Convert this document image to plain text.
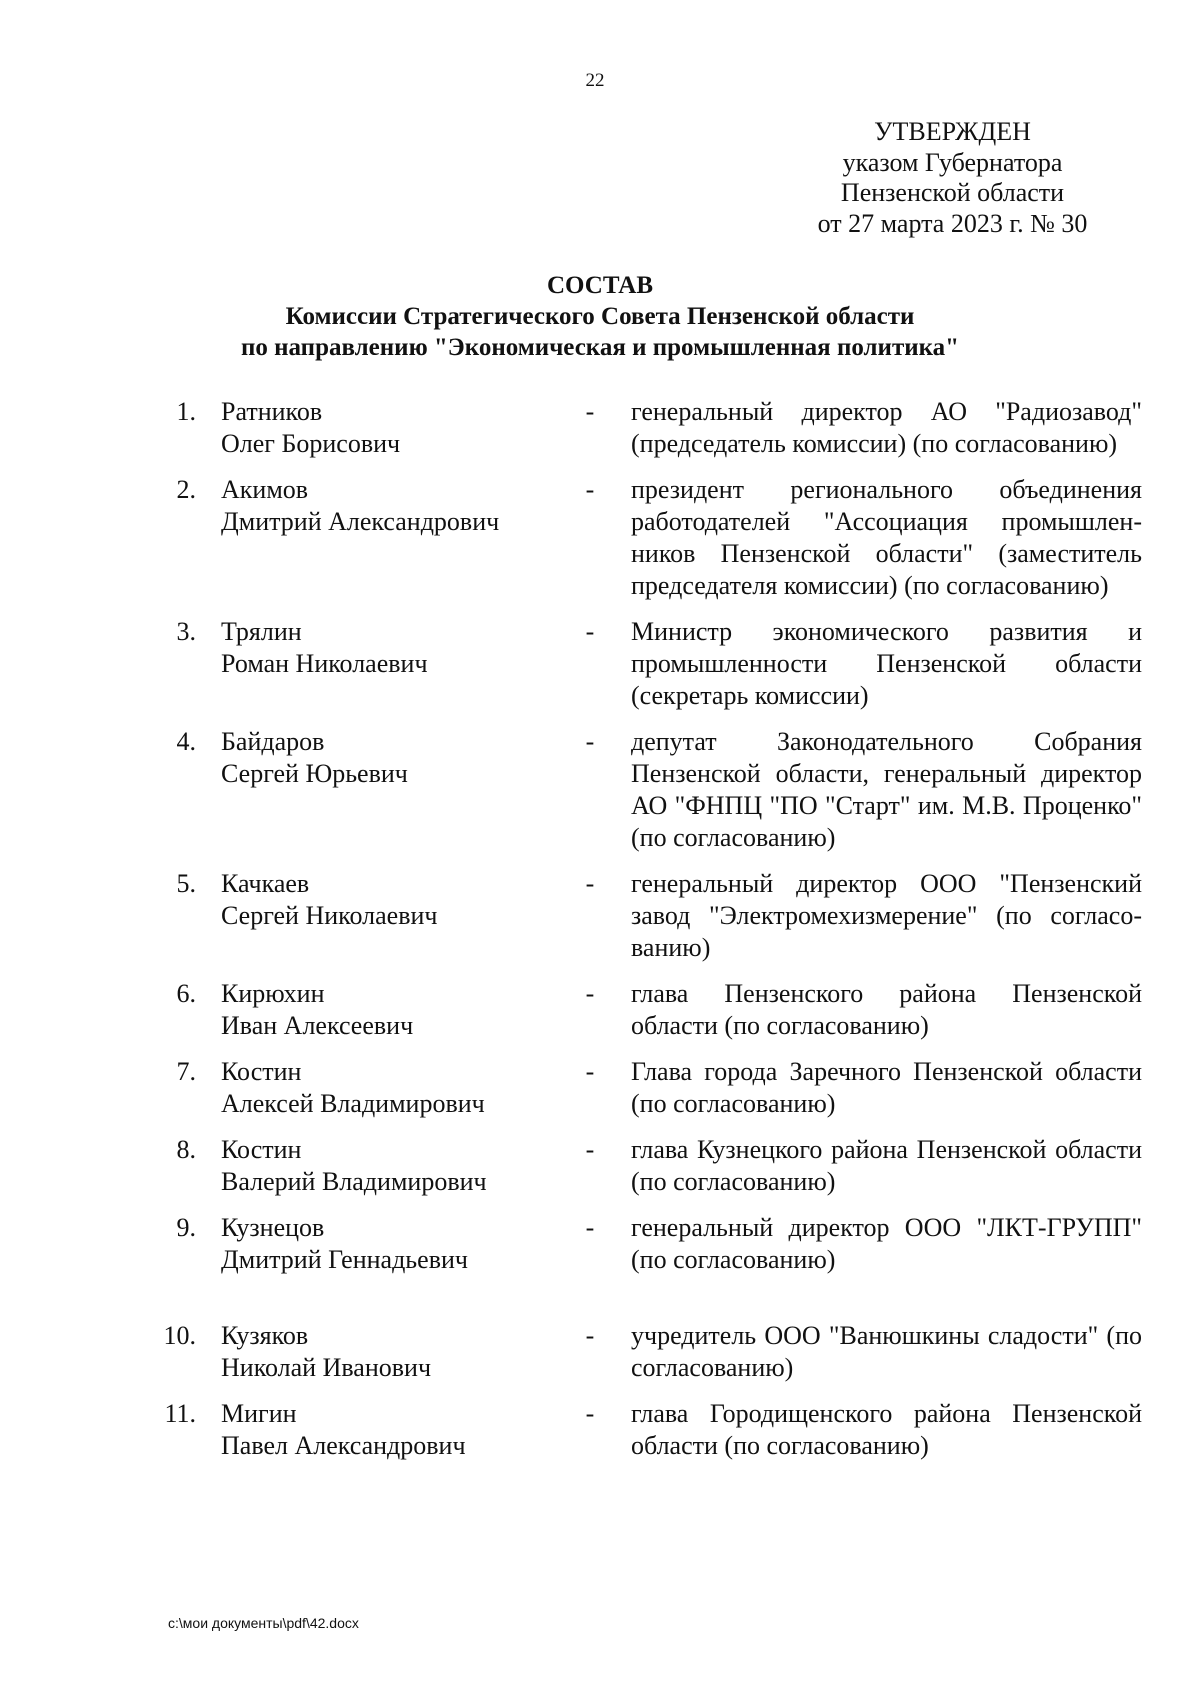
22
УТВЕРЖДЕН
указом Губернатора
Пензенской области
от 27 марта 2023 г. № 30
СОСТАВ
Комиссии Стратегического Совета Пензенской области
по направлению "Экономическая и промышленная политика"
1. Ратников
Олег Борисович
- генеральный директор АО "Радиозавод" (председатель комиссии) (по согласованию)
2. Акимов
Дмитрий Александрович
- президент регионального объединения работодателей "Ассоциация промышленников Пензенской области" (заместитель председателя комиссии) (по согласованию)
3. Трялин
Роман Николаевич
- Министр экономического развития и промышленности Пензенской области (секретарь комиссии)
4. Байдаров
Сергей Юрьевич
- депутат Законодательного Собрания Пензенской области, генеральный директор АО "ФНПЦ "ПО "Старт" им. М.В. Проценко" (по согласованию)
5. Качкаев
Сергей Николаевич
- генеральный директор ООО "Пензенский завод "Электромехизмерение" (по согласованию)
6. Кирюхин
Иван Алексеевич
- глава Пензенского района Пензенской области (по согласованию)
7. Костин
Алексей Владимирович
- Глава города Заречного Пензенской области (по согласованию)
8. Костин
Валерий Владимирович
- глава Кузнецкого района Пензенской области (по согласованию)
9. Кузнецов
Дмитрий Геннадьевич
- генеральный директор ООО "ЛКТ-ГРУПП" (по согласованию)
10. Кузяков
Николай Иванович
- учредитель ООО "Ванюшкины сладости" (по согласованию)
11. Мигин
Павел Александрович
- глава Городищенского района Пензенской области (по согласованию)
c:\мои документы\pdf\42.docx
